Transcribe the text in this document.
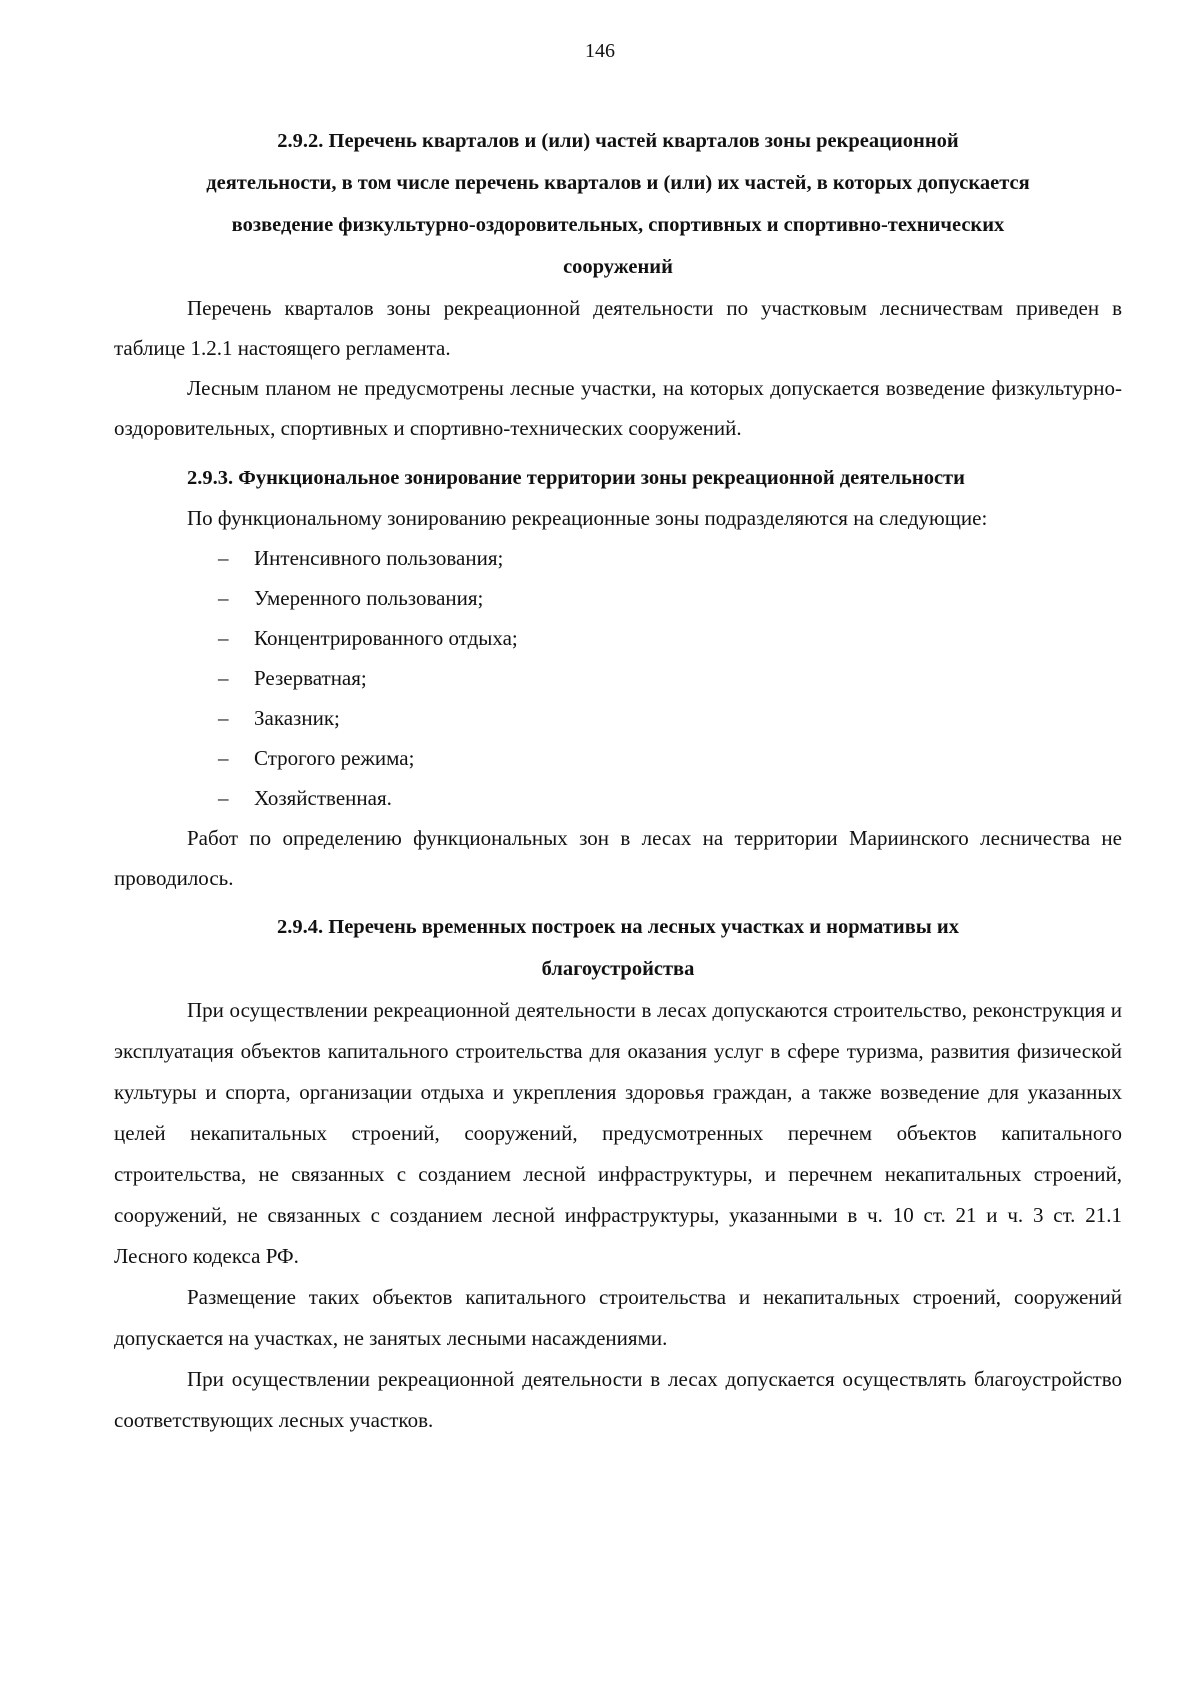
146

2.9.2. Перечень кварталов и (или) частей кварталов зоны рекреационной
деятельности, в том числе перечень кварталов и (или) их частей, в которых допускается
возведение физкультурно-оздоровительных, спортивных и спортивно-технических
сооружений

Перечень кварталов зоны рекреационной деятельности по участковым лесничествам приведен в таблице 1.2.1 настоящего регламента.

Лесным планом не предусмотрены лесные участки, на которых допускается возведение физкультурно-оздоровительных, спортивных и спортивно-технических сооружений.

2.9.3. Функциональное зонирование территории зоны рекреационной деятельности

По функциональному зонированию рекреационные зоны подразделяются на следующие:

– Интенсивного пользования;
– Умеренного пользования;
– Концентрированного отдыха;
– Резерватная;
– Заказник;
– Строгого режима;
– Хозяйственная.

Работ по определению функциональных зон в лесах на территории Мариинского лесничества не проводилось.

2.9.4. Перечень временных построек на лесных участках и нормативы их
благоустройства

При осуществлении рекреационной деятельности в лесах допускаются строительство, реконструкция и эксплуатация объектов капитального строительства для оказания услуг в сфере туризма, развития физической культуры и спорта, организации отдыха и укрепления здоровья граждан, а также возведение для указанных целей некапитальных строений, сооружений, предусмотренных перечнем объектов капитального строительства, не связанных с созданием лесной инфраструктуры, и перечнем некапитальных строений, сооружений, не связанных с созданием лесной инфраструктуры, указанными в ч. 10 ст. 21 и ч. 3 ст. 21.1 Лесного кодекса РФ.

Размещение таких объектов капитального строительства и некапитальных строений, сооружений допускается на участках, не занятых лесными насаждениями.

При осуществлении рекреационной деятельности в лесах допускается осуществлять благоустройство соответствующих лесных участков.
